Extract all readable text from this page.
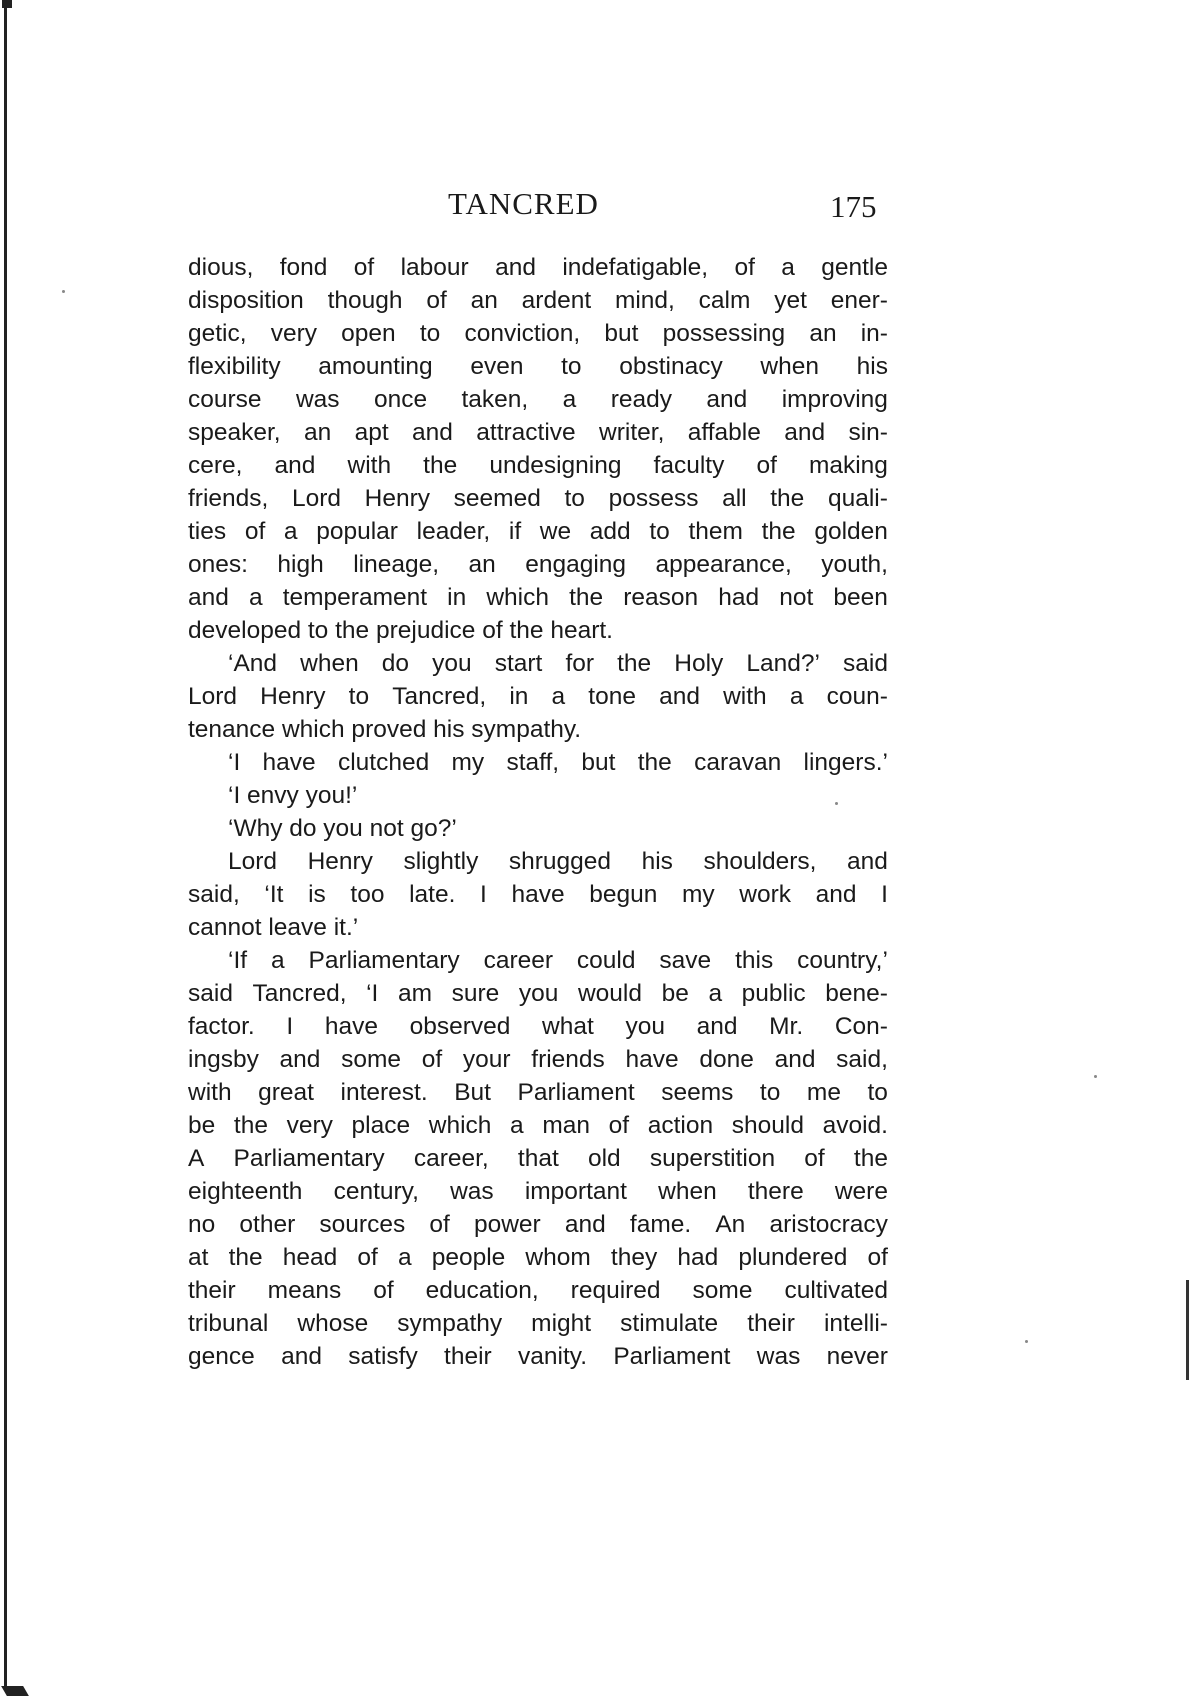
TANCRED	175

dious, fond of labour and indefatigable, of a gentle

disposition though of an ardent mind, calm yet ener-

getic, very open to conviction, but possessing an in-

flexibility amounting even to obstinacy when his

course was once taken, a ready and improving

speaker, an apt and attractive writer, affable and sin-

cere, and with the undesigning faculty of making

friends, Lord Henry seemed to possess all the quali-

ties of a popular leader, if we add to them the golden

ones: high lineage, an engaging appearance, youth,

and a temperament in which the reason had not been

developed to the prejudice of the heart.

‘And when do you start for the Holy Land?’ said

Lord Henry to Tancred, in a tone and with a coun-

tenance which proved his sympathy.

‘I have clutched my staff, but the caravan lingers.’

‘I envy you!’

‘Why do you not go?’

Lord Henry slightly shrugged his shoulders, and

said, ‘It is too late. I have begun my work and I

cannot leave it.’

‘If a Parliamentary career could save this country,’

said Tancred, ‘I am sure you would be a public bene-

factor. I have observed what you and Mr. Con-

ingsby and some of your friends have done and said,

with great interest. But Parliament seems to me to

be the very place which a man of action should avoid.

A Parliamentary career, that old superstition of the

eighteenth century, was important when there were

no other sources of power and fame. An aristocracy

at the head of a people whom they had plundered of

their means of education, required some cultivated

tribunal whose sympathy might stimulate their intelli-

gence and satisfy their vanity. Parliament was never
